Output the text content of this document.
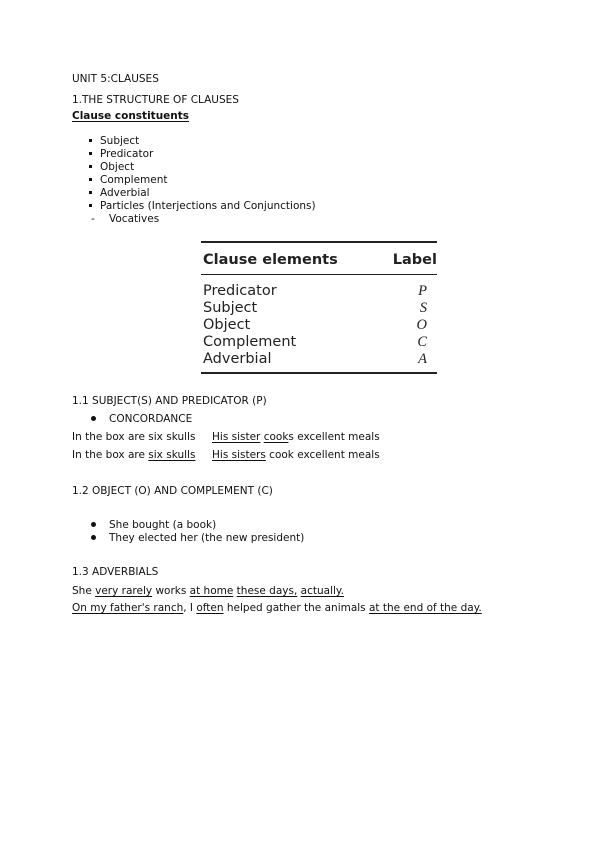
UNIT 5:CLAUSES
1.THE STRUCTURE OF CLAUSES
Clause constituents
Subject
Predicator
Object
Complement
Adverbial
Particles (Interjections and Conjunctions)
- Vocatives
Clause elements	Label
Predicator	P
Subject	S
Object	O
Complement	C
Adverbial	A
1.1 SUBJECT(S) AND PREDICATOR (P)
CONCORDANCE
In the box are six skulls His sister cooks excellent meals
In the box are six skulls His sisters cook excellent meals
1.2 OBJECT (O) AND COMPLEMENT (C)
She bought (a book)
They elected her (the new president)
1.3 ADVERBIALS
She very rarely works at home these days, actually.
On my father's ranch, I often helped gather the animals at the end of the day.
